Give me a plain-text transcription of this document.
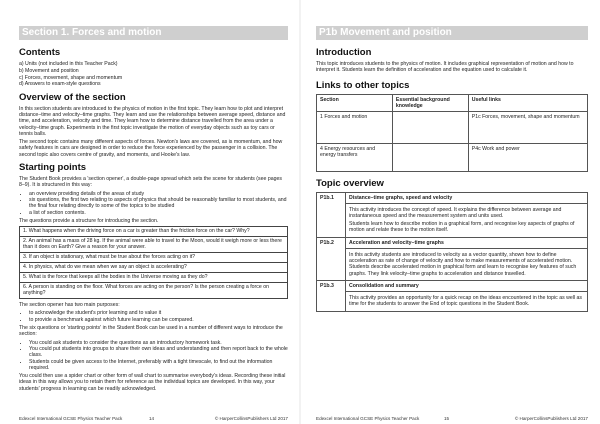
Section 1. Forces and motion
Contents

a) Units (not included in this Teacher Pack)

b) Movement and position

c) Forces, movement, shape and momentum

d) Answers to exam-style questions

Overview of the section

In this section students are introduced to the physics of motion in the first topic. They learn how to plot and interpret distance–time and velocity–time graphs. They learn and use the relationships between average speed, distance and time, and acceleration, velocity and time. They learn how to determine distance travelled from the area under a velocity–time graph. Experiments in the first topic investigate the motion of everyday objects such as toy cars or tennis balls.

The second topic contains many different aspects of forces. Newton's laws are covered, as is momentum, and how safety features in cars are designed in order to reduce the force experienced by the passenger in a collision. The second topic also covers centre of gravity, and moments, and Hooke's law.

Starting points

The Student Book provides a 'section opener', a double-page spread which sets the scene for students (see pages 8–9). It is structured in this way:

• an overview providing details of the areas of study
• six questions, the first two relating to aspects of physics that should be reasonably familiar to most students, and the final four relating directly to some of the topics to be studied
• a list of section contents.

The questions provide a structure for introducing the section.

1. What happens when the driving force on a car is greater than the friction force on the car? Why?
2. An animal has a mass of 28 kg. If the animal were able to travel to the Moon, would it weigh more or less there than it does on Earth? Give a reason for your answer.
3. If an object is stationary, what must be true about the forces acting on it?
4. In physics, what do we mean when we say an object is accelerating?
5. What is the force that keeps all the bodies in the Universe moving as they do?
6. A person is standing on the floor. What forces are acting on the person? Is the person creating a force on anything?

The section opener has two main purposes:

• to acknowledge the student's prior learning and to value it
• to provide a benchmark against which future learning can be compared.

The six questions or 'starting points' in the Student Book can be used in a number of different ways to introduce the section:

• You could ask students to consider the questions as an introductory homework task.
• You could put students into groups to share their own ideas and understanding and then report back to the whole class.
• Students could be given access to the Internet, preferably with a tight timescale, to find out the information required.

You could then use a spider chart or other form of wall chart to summarise everybody's ideas. Recording these initial ideas in this way allows you to retain them for reference as the individual topics are developed. In this way, your students' progress in learning can be readily acknowledged.

Edexcel International GCSE Physics Teacher Pack	14	© HarperCollinsPublishers Ltd 2017
P1b Movement and position
Introduction

This topic introduces students to the physics of motion. It includes graphical representation of motion and how to interpret it. Students learn the definition of acceleration and the equation used to calculate it.

Links to other topics
Section	Essential background knowledge	Useful links
1 Forces and motion		P1c Forces, movement, shape and momentum
4 Energy resources and energy transfers		P4c Work and power
Topic overview
P1b.1	Distance–time graphs, speed and velocity

This activity introduces the concept of speed. It explains the difference between average and instantaneous speed and the measurement system and units used.

Students learn how to describe motion in a graphical form, and recognise key aspects of graphs of motion and relate these to the motion itself.

P1b.2	Acceleration and velocity–time graphs

In this activity students are introduced to velocity as a vector quantity, shown how to define acceleration as rate of change of velocity and how to make measurements of accelerated motion. Students describe accelerated motion in graphical form and learn to recognise key features of such graphs. They link velocity–time graphs to acceleration and distance travelled.

P1b.3	Consolidation and summary

This activity provides an opportunity for a quick recap on the ideas encountered in the topic as well as time for the students to answer the End of topic questions in the Student Book.

Edexcel International GCSE Physics Teacher Pack	15	© HarperCollinsPublishers Ltd 2017
